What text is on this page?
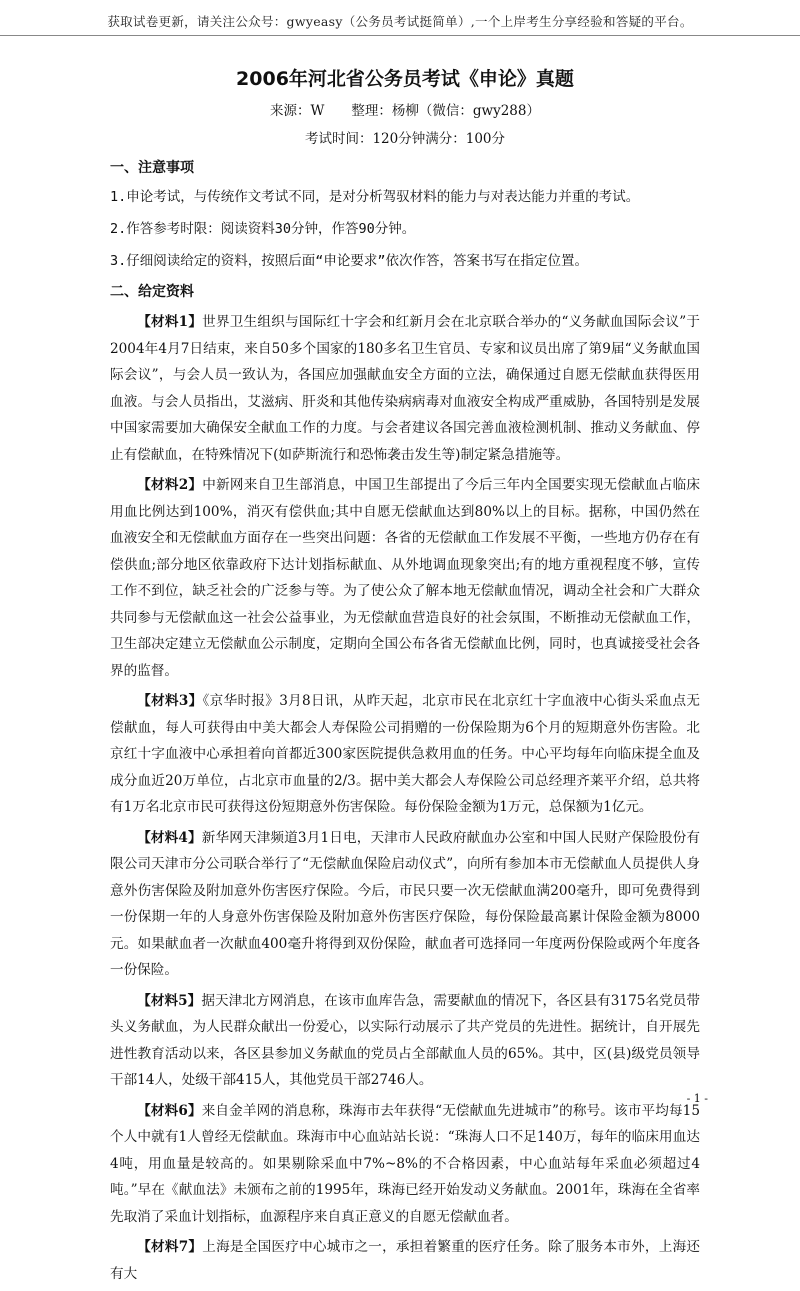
获取试卷更新，请关注公众号：gwyeasy（公务员考试挺简单）,一个上岸考生分享经验和答疑的平台。
2006年河北省公务员考试《申论》真题
来源：W　　整理：杨柳（微信：gwy288）
考试时间：120分钟满分：100分
一、注意事项
1.申论考试，与传统作文考试不同，是对分析驾驭材料的能力与对表达能力并重的考试。
2.作答参考时限：阅读资料30分钟，作答90分钟。
3.仔细阅读给定的资料，按照后面“申论要求”依次作答，答案书写在指定位置。
二、给定资料

【材料1】世界卫生组织与国际红十字会和红新月会在北京联合举办的“义务献血国际会议”于2004年4月7日结束，来自50多个国家的180多名卫生官员、专家和议员出席了第9届“义务献血国际会议”，与会人员一致认为，各国应加强献血安全方面的立法，确保通过自愿无偿献血获得医用血液。与会人员指出，艾滋病、肝炎和其他传染病病毒对血液安全构成严重威胁，各国特别是发展中国家需要加大确保安全献血工作的力度。与会者建议各国完善血液检测机制、推动义务献血、停止有偿献血，在特殊情况下(如萨斯流行和恐怖袭击发生等)制定紧急措施等。

【材料2】中新网来自卫生部消息，中国卫生部提出了今后三年内全国要实现无偿献血占临床用血比例达到100%，消灭有偿供血;其中自愿无偿献血达到80%以上的目标。据称，中国仍然在血液安全和无偿献血方面存在一些突出问题：各省的无偿献血工作发展不平衡，一些地方仍存在有偿供血;部分地区依靠政府下达计划指标献血、从外地调血现象突出;有的地方重视程度不够，宣传工作不到位，缺乏社会的广泛参与等。为了使公众了解本地无偿献血情况，调动全社会和广大群众共同参与无偿献血这一社会公益事业，为无偿献血营造良好的社会氛围，不断推动无偿献血工作，卫生部决定建立无偿献血公示制度，定期向全国公布各省无偿献血比例，同时，也真诚接受社会各界的监督。

【材料3】《京华时报》3月8日讯，从昨天起，北京市民在北京红十字血液中心街头采血点无偿献血，每人可获得由中美大都会人寿保险公司捐赠的一份保险期为6个月的短期意外伤害险。北京红十字血液中心承担着向首都近300家医院提供急救用血的任务。中心平均每年向临床提全血及成分血近20万单位，占北京市血量的2/3。据中美大都会人寿保险公司总经理齐莱平介绍，总共将有1万名北京市民可获得这份短期意外伤害保险。每份保险金额为1万元，总保额为1亿元。

【材料4】新华网天津频道3月1日电，天津市人民政府献血办公室和中国人民财产保险股份有限公司天津市分公司联合举行了“无偿献血保险启动仪式”，向所有参加本市无偿献血人员提供人身意外伤害保险及附加意外伤害医疗保险。今后，市民只要一次无偿献血满200毫升，即可免费得到一份保期一年的人身意外伤害保险及附加意外伤害医疗保险，每份保险最高累计保险金额为8000元。如果献血者一次献血400毫升将得到双份保险，献血者可选择同一年度两份保险或两个年度各一份保险。

【材料5】据天津北方网消息，在该市血库告急，需要献血的情况下，各区县有3175名党员带头义务献血，为人民群众献出一份爱心，以实际行动展示了共产党员的先进性。据统计，自开展先进性教育活动以来，各区县参加义务献血的党员占全部献血人员的65%。其中，区(县)级党员领导干部14人，处级干部415人，其他党员干部2746人。

【材料6】来自金羊网的消息称，珠海市去年获得“无偿献血先进城市”的称号。该市平均每15个人中就有1人曾经无偿献血。珠海市中心血站站长说：“珠海人口不足140万，每年的临床用血达4吨，用血量是较高的。如果剔除采血中7%~8%的不合格因素，中心血站每年采血必须超过4吨。”早在《献血法》未颁布之前的1995年，珠海已经开始发动义务献血。2001年，珠海在全省率先取消了采血计划指标，血源程序来自真正意义的自愿无偿献血者。

【材料7】上海是全国医疗中心城市之一，承担着繁重的医疗任务。除了服务本市外，上海还有大

- 1 -
